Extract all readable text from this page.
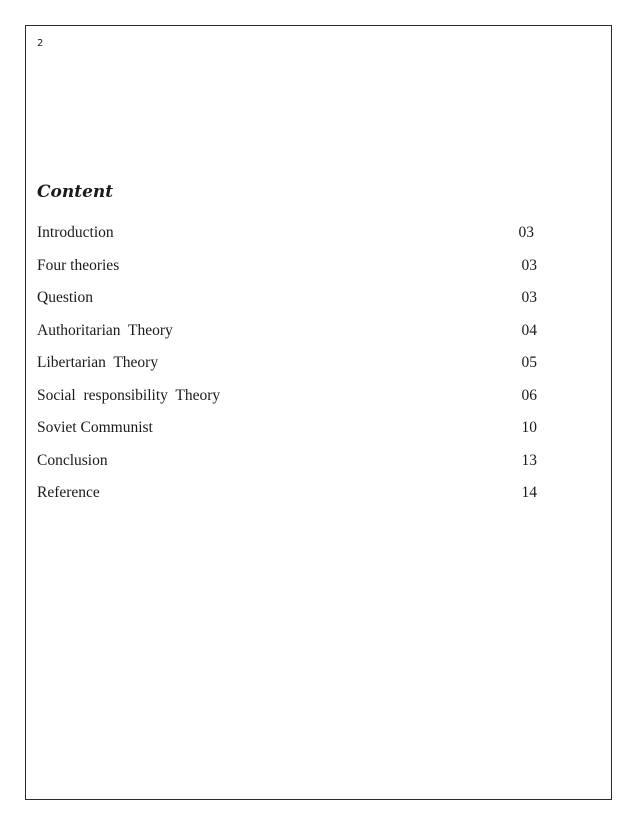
2
Content
Introduction	03
Four theories	03
Question	03
Authoritarian  Theory	04
Libertarian  Theory	05
Social  responsibility  Theory	06
Soviet Communist	10
Conclusion	13
Reference	14
